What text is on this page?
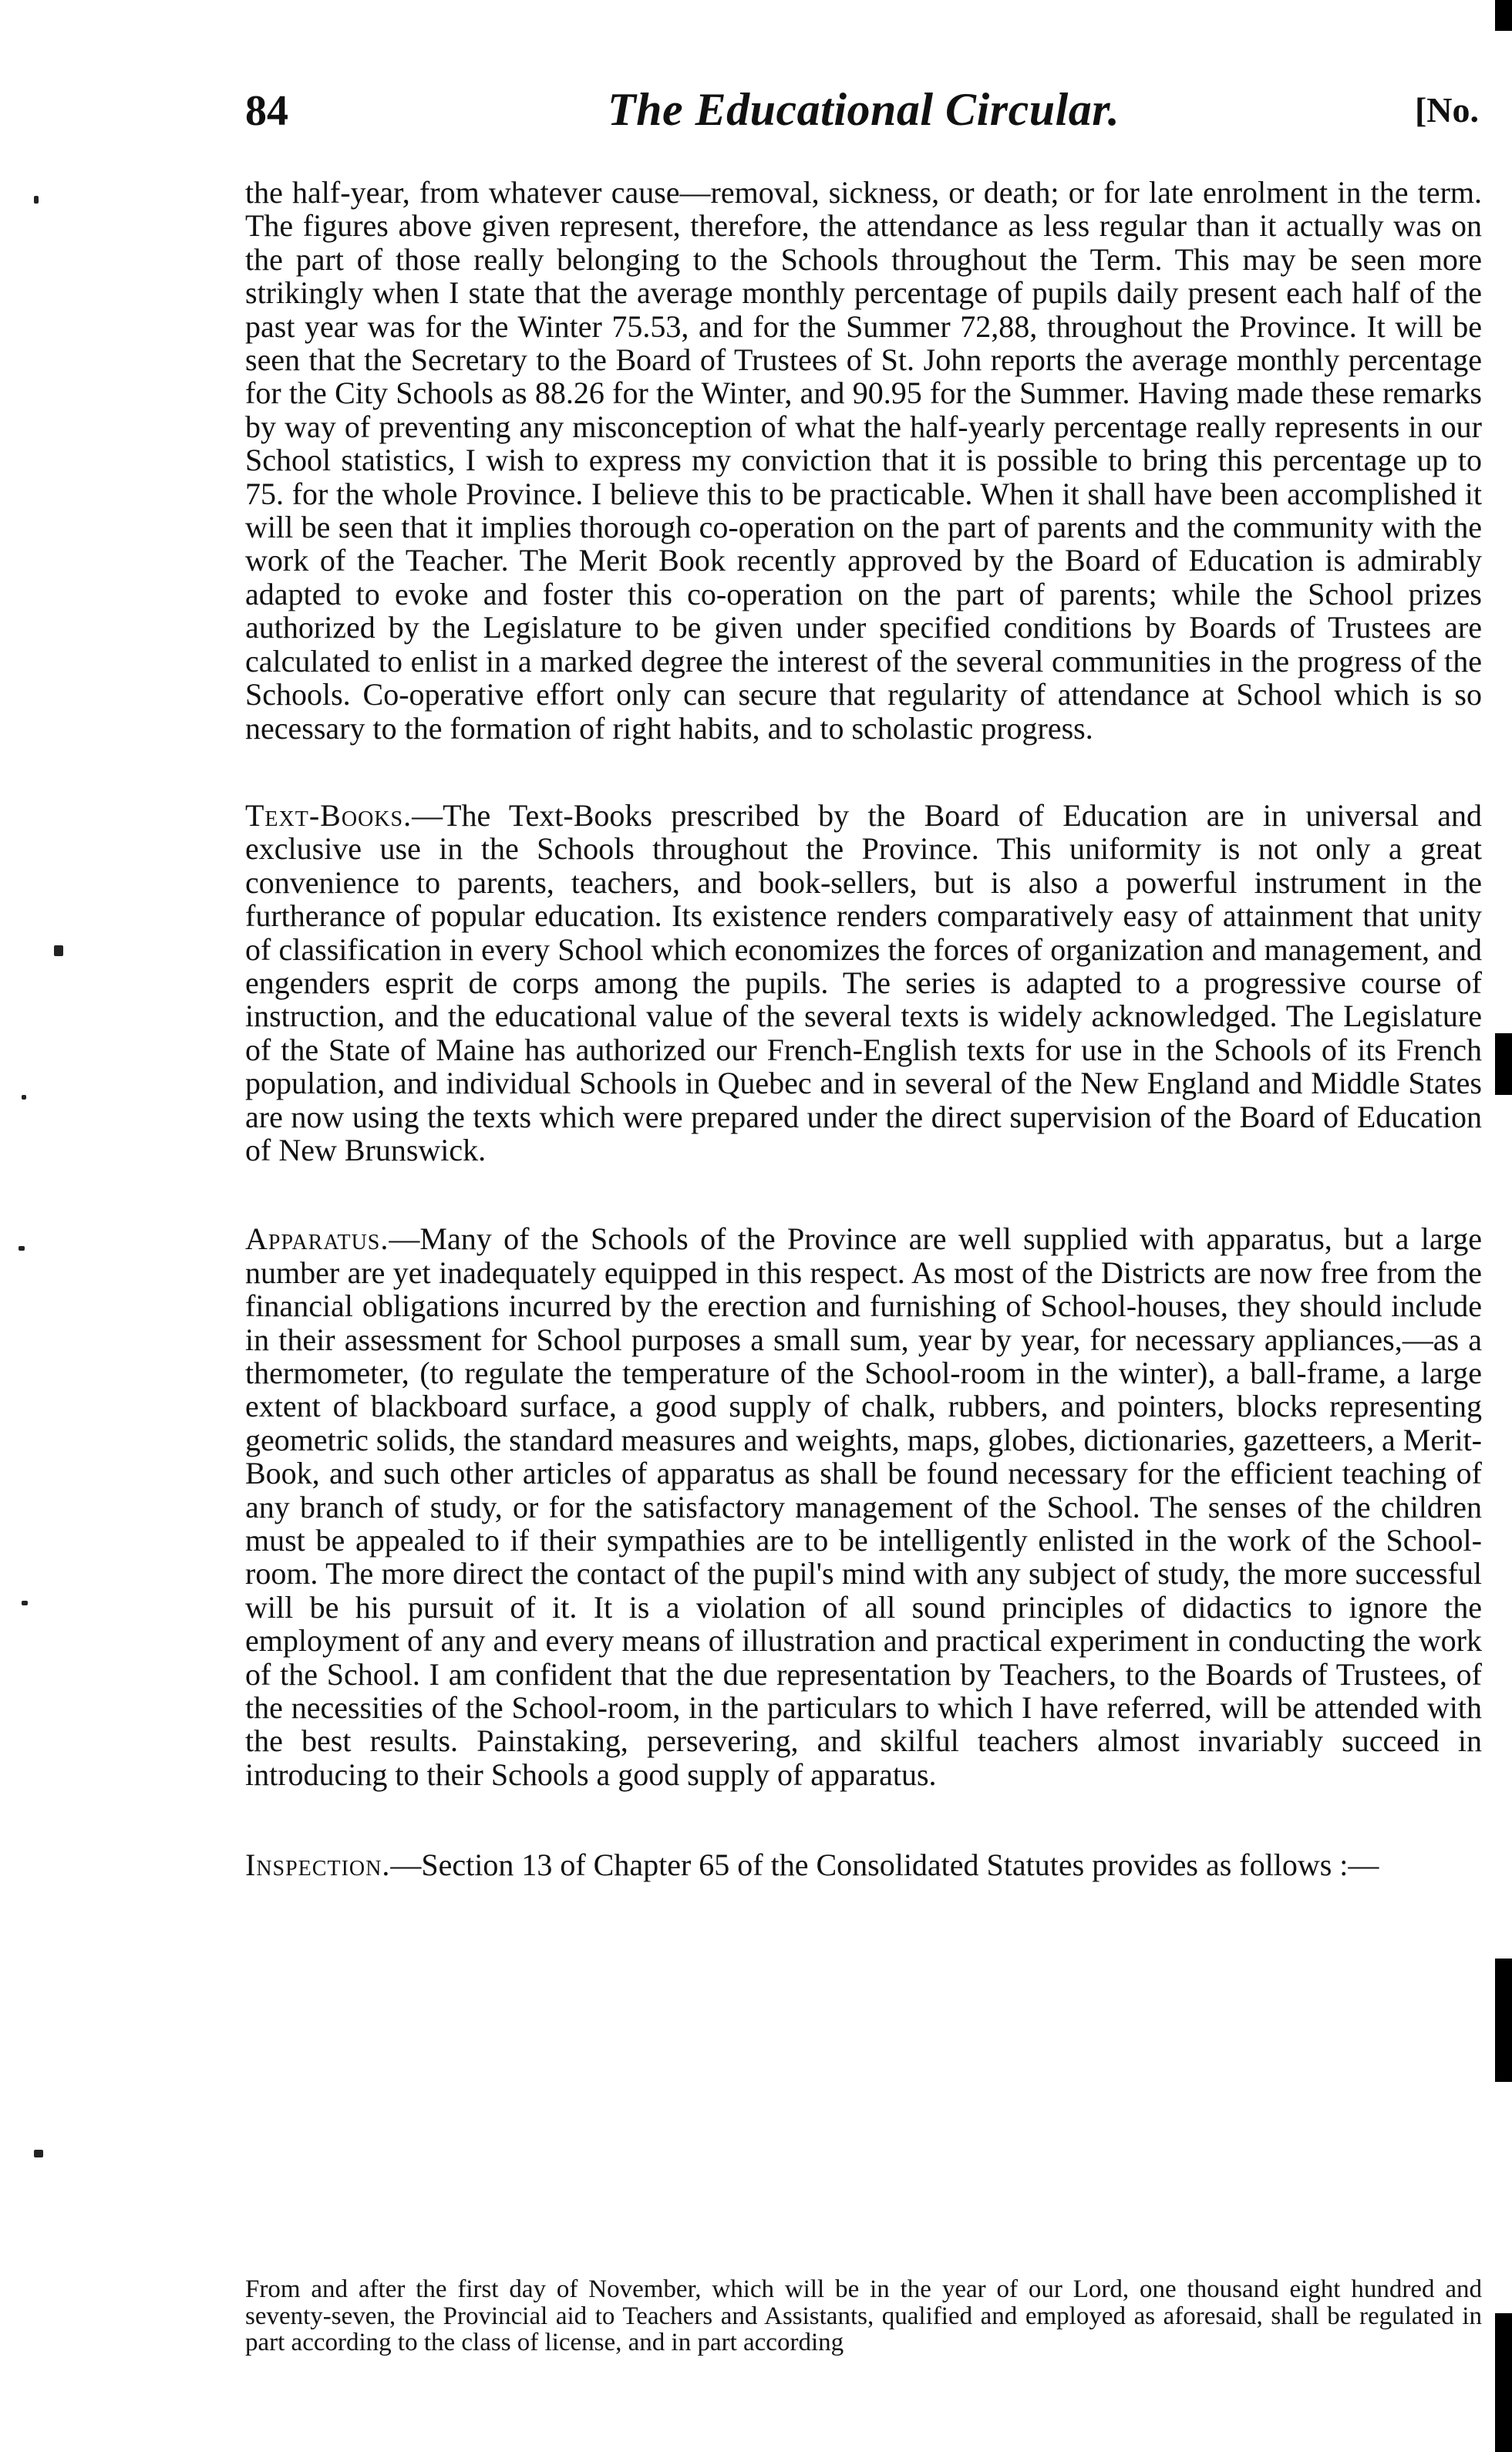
84	The Educational Circular.	[No.

the half-year, from whatever cause—removal, sickness, or death; or for late enrolment in the term. The figures above given represent, therefore, the attendance as less regular than it actually was on the part of those really belonging to the Schools throughout the Term. This may be seen more strikingly when I state that the average monthly percentage of pupils daily present each half of the past year was for the Winter 75.53, and for the Summer 72,88, throughout the Province. It will be seen that the Secretary to the Board of Trustees of St. John reports the average monthly percentage for the City Schools as 88.26 for the Winter, and 90.95 for the Summer. Having made these remarks by way of preventing any misconception of what the half-yearly percentage really represents in our School statistics, I wish to express my conviction that it is possible to bring this percentage up to 75. for the whole Province. I believe this to be practicable. When it shall have been accomplished it will be seen that it implies thorough co-operation on the part of parents and the community with the work of the Teacher. The Merit Book recently approved by the Board of Education is admirably adapted to evoke and foster this co-operation on the part of parents; while the School prizes authorized by the Legislature to be given under specified conditions by Boards of Trustees are calculated to enlist in a marked degree the interest of the several communities in the progress of the Schools. Co-operative effort only can secure that regularity of attendance at School which is so necessary to the formation of right habits, and to scholastic progress.

Text-Books.—The Text-Books prescribed by the Board of Education are in universal and exclusive use in the Schools throughout the Province. This uniformity is not only a great convenience to parents, teachers, and book-sellers, but is also a powerful instrument in the furtherance of popular education. Its existence renders comparatively easy of attainment that unity of classification in every School which economizes the forces of organization and management, and engenders esprit de corps among the pupils. The series is adapted to a progressive course of instruction, and the educational value of the several texts is widely acknowledged. The Legislature of the State of Maine has authorized our French-English texts for use in the Schools of its French population, and individual Schools in Quebec and in several of the New England and Middle States are now using the texts which were prepared under the direct supervision of the Board of Education of New Brunswick.

Apparatus.—Many of the Schools of the Province are well supplied with apparatus, but a large number are yet inadequately equipped in this respect. As most of the Districts are now free from the financial obligations incurred by the erection and furnishing of School-houses, they should include in their assessment for School purposes a small sum, year by year, for necessary appliances,—as a thermometer, (to regulate the temperature of the School-room in the winter), a ball-frame, a large extent of blackboard surface, a good supply of chalk, rubbers, and pointers, blocks representing geometric solids, the standard measures and weights, maps, globes, dictionaries, gazetteers, a Merit-Book, and such other articles of apparatus as shall be found necessary for the efficient teaching of any branch of study, or for the satisfactory management of the School. The senses of the children must be appealed to if their sympathies are to be intelligently enlisted in the work of the School-room. The more direct the contact of the pupil's mind with any subject of study, the more successful will be his pursuit of it. It is a violation of all sound principles of didactics to ignore the employment of any and every means of illustration and practical experiment in conducting the work of the School. I am confident that the due representation by Teachers, to the Boards of Trustees, of the necessities of the School-room, in the particulars to which I have referred, will be attended with the best results. Painstaking, persevering, and skilful teachers almost invariably succeed in introducing to their Schools a good supply of apparatus.

Inspection.—Section 13 of Chapter 65 of the Consolidated Statutes provides as follows :—

From and after the first day of November, which will be in the year of our Lord, one thousand eight hundred and seventy-seven, the Provincial aid to Teachers and Assistants, qualified and employed as aforesaid, shall be regulated in part according to the class of license, and in part according
